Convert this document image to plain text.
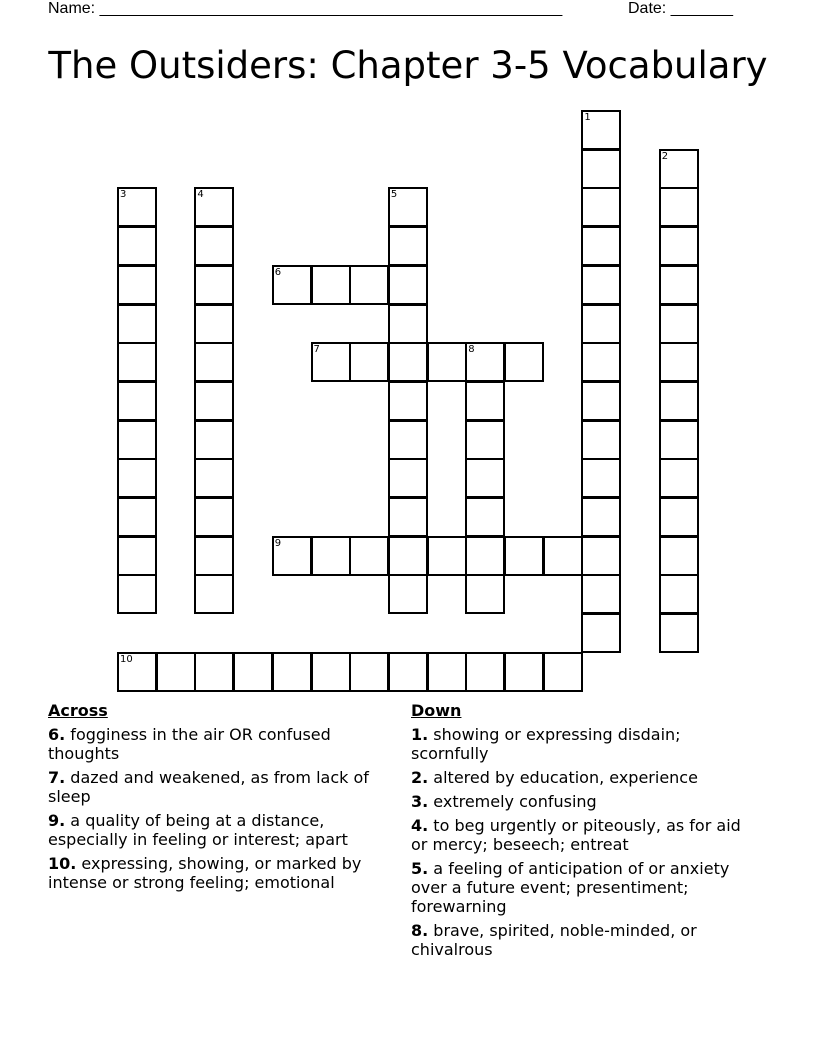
Name: ____________________________________________________	Date: _______
The Outsiders: Chapter 3-5 Vocabulary
1
2
3	4	5
6
7	8
9
10
Across
6. fogginess in the air OR confused thoughts
7. dazed and weakened, as from lack of sleep
9. a quality of being at a distance, especially in feeling or interest; apart
10. expressing, showing, or marked by intense or strong feeling; emotional
Down
1. showing or expressing disdain; scornfully
2. altered by education, experience
3. extremely confusing
4. to beg urgently or piteously, as for aid or mercy; beseech; entreat
5. a feeling of anticipation of or anxiety over a future event; presentiment; forewarning
8. brave, spirited, noble-minded, or chivalrous
